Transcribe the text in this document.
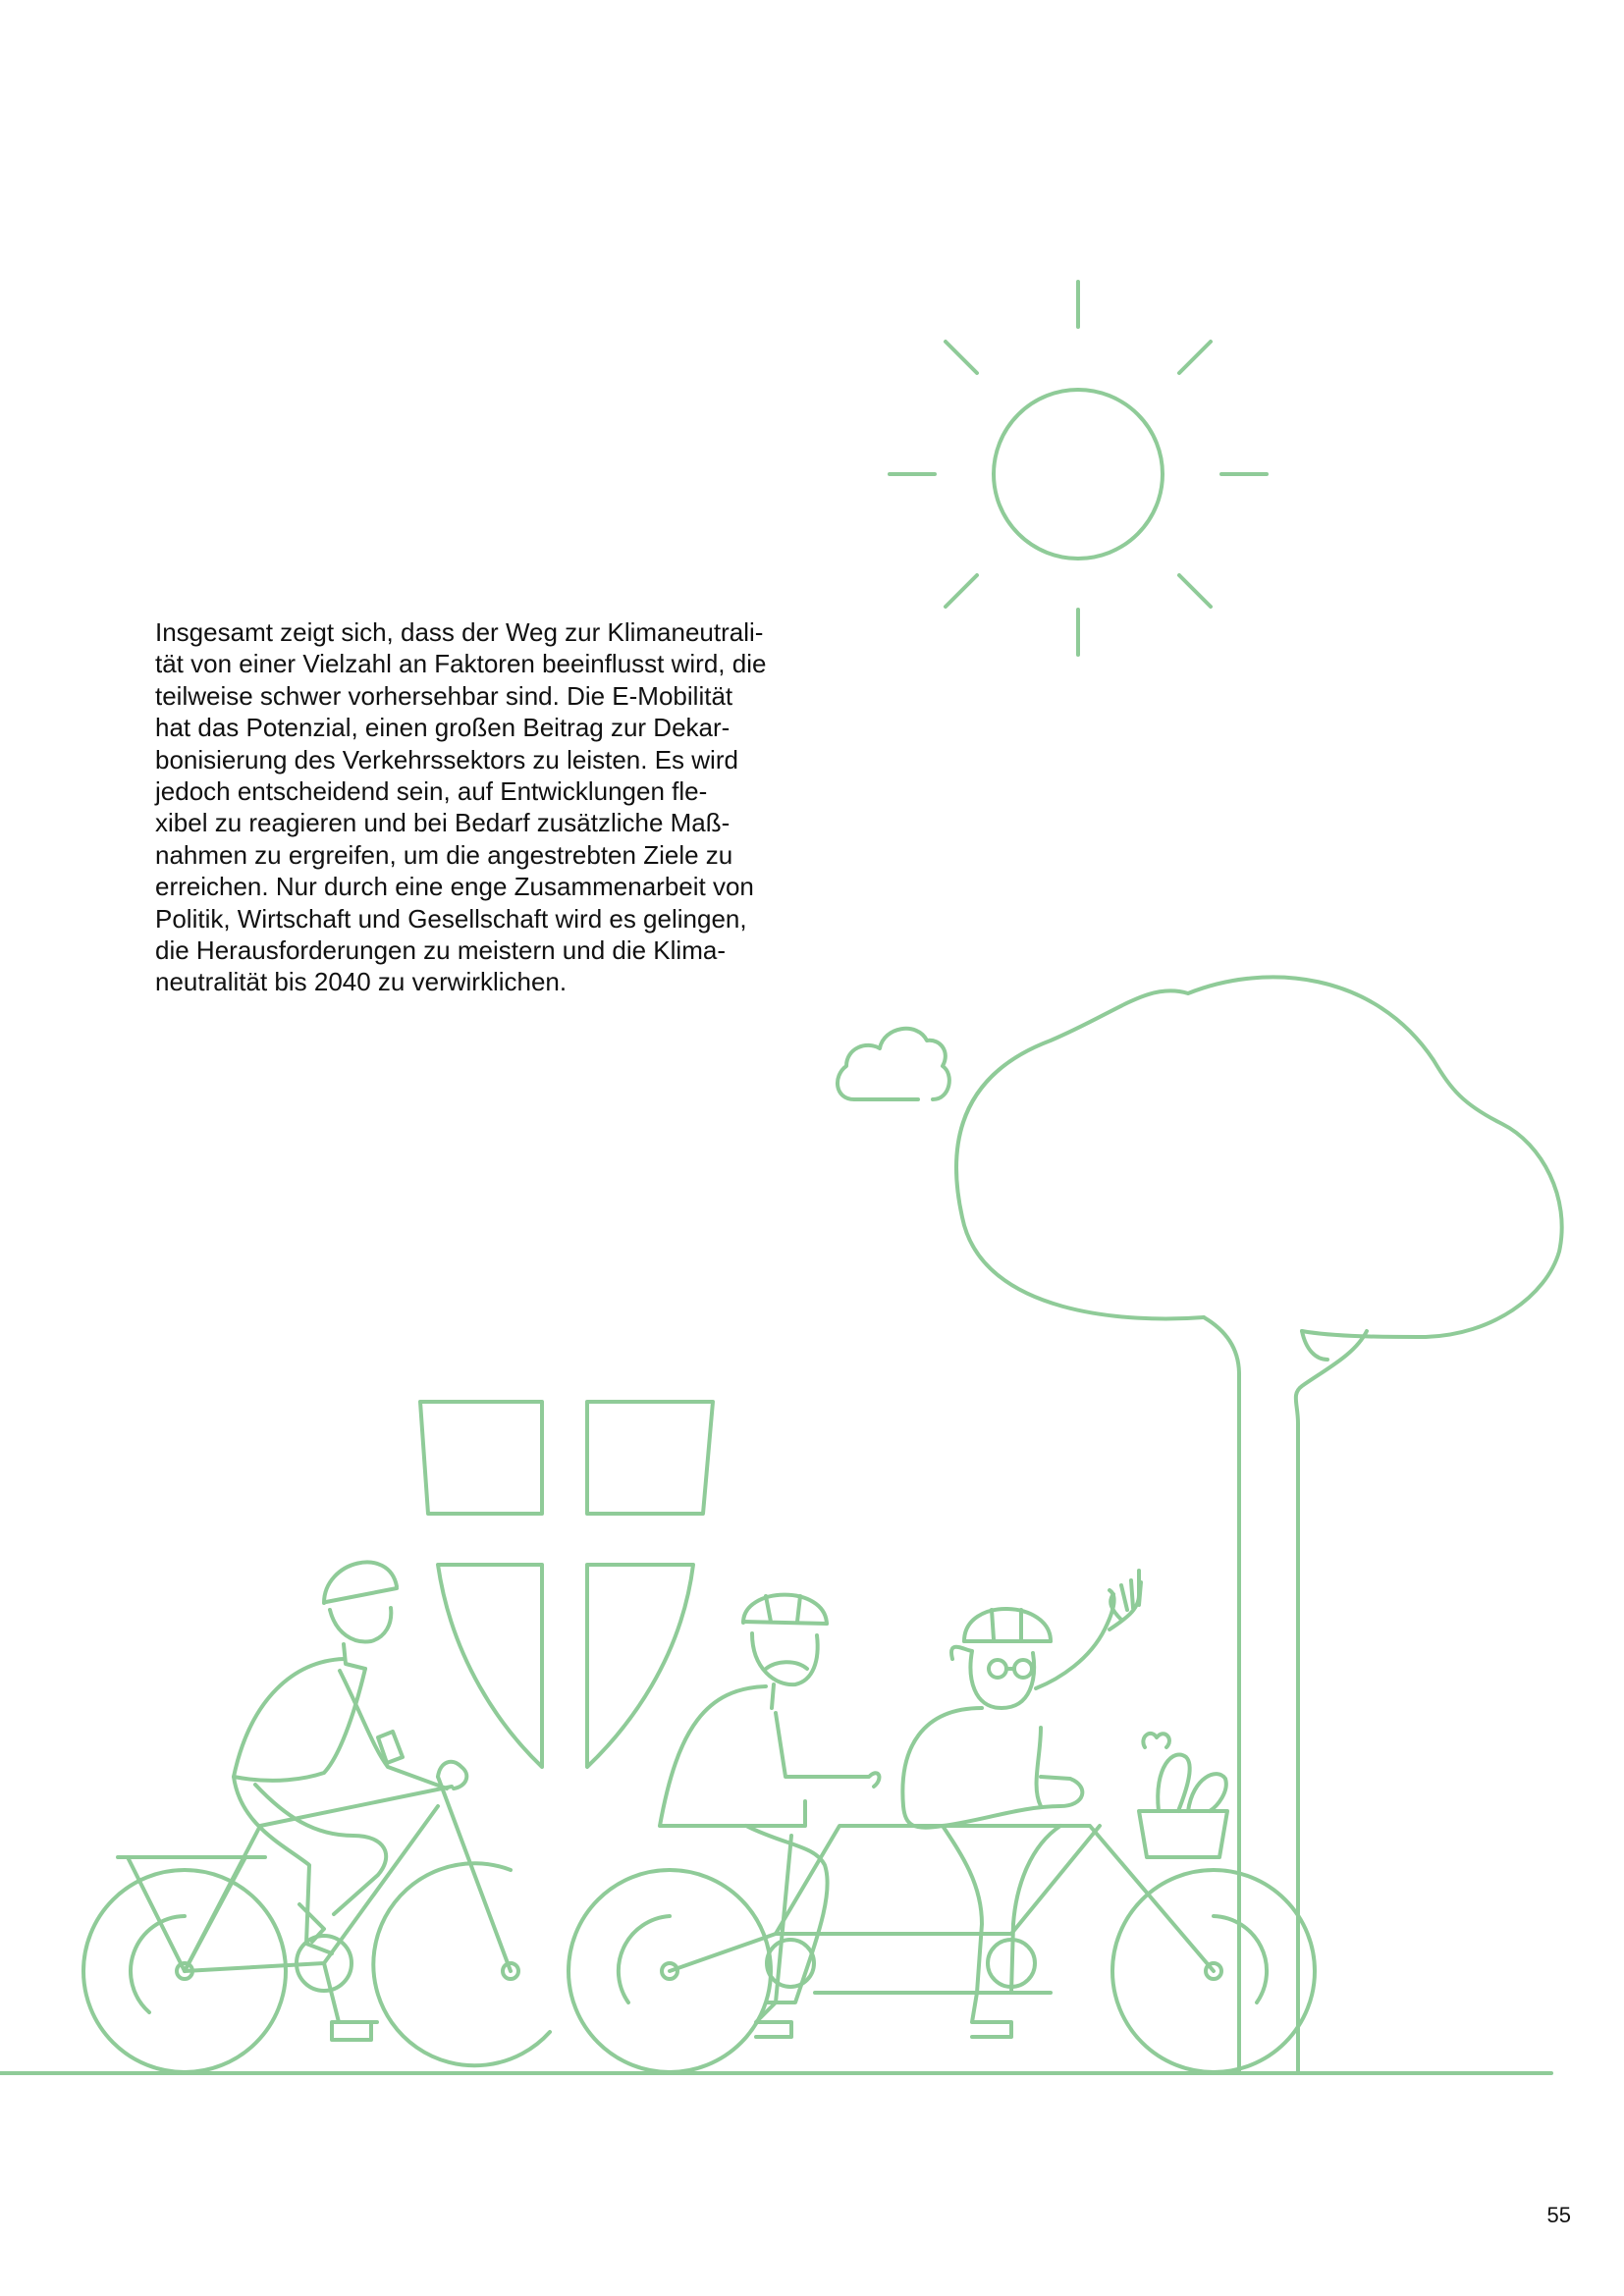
Insgesamt zeigt sich, dass der Weg zur Klimaneutrali-
tät von einer Vielzahl an Faktoren beeinflusst wird, die
teilweise schwer vorhersehbar sind. Die E-Mobilität
hat das Potenzial, einen großen Beitrag zur Dekar-
bonisierung des Verkehrssektors zu leisten. Es wird
jedoch entscheidend sein, auf Entwicklungen fle-
xibel zu reagieren und bei Bedarf zusätzliche Maß-
nahmen zu ergreifen, um die angestrebten Ziele zu
erreichen. Nur durch eine enge Zusammenarbeit von
Politik, Wirtschaft und Gesellschaft wird es gelingen,
die Herausforderungen zu meistern und die Klima-
neutralität bis 2040 zu verwirklichen.

55
